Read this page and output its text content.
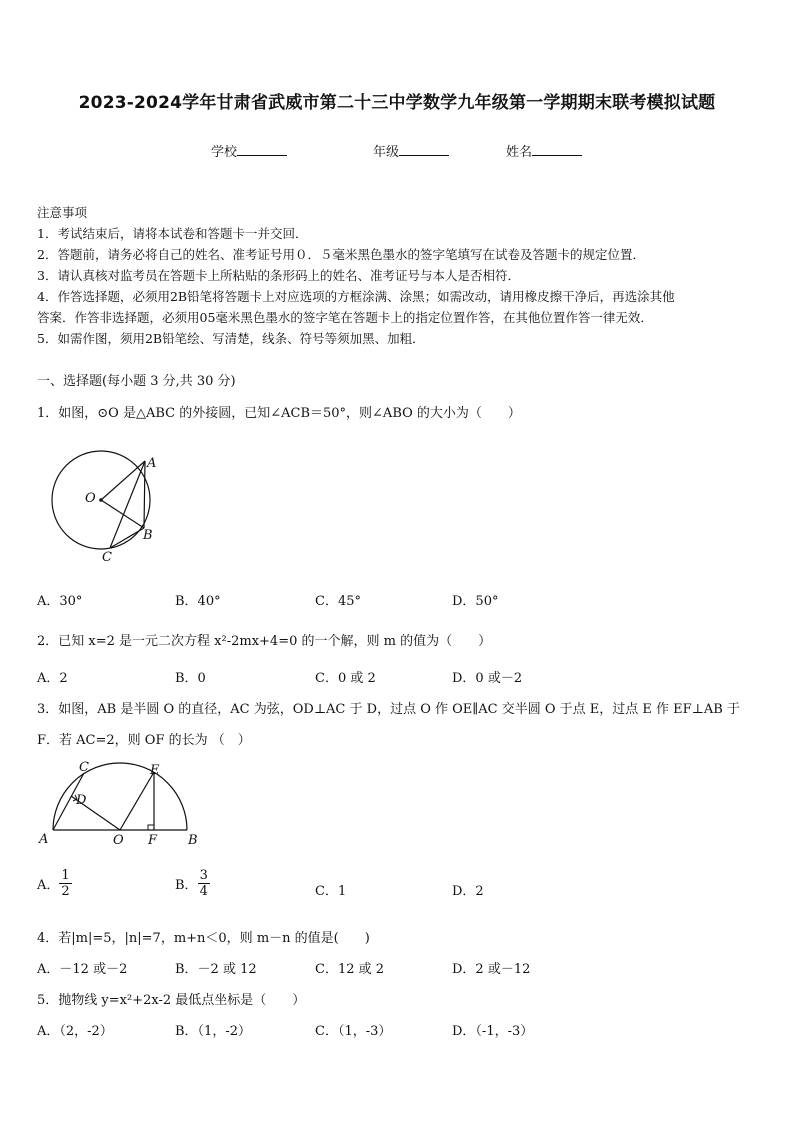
2023-2024学年甘肃省武威市第二十三中学数学九年级第一学期期末联考模拟试题
学校	年级	姓名
注意事项
1．考试结束后，请将本试卷和答题卡一并交回．
2．答题前，请务必将自己的姓名、准考证号用０．５毫米黑色墨水的签字笔填写在试卷及答题卡的规定位置．
3．请认真核对监考员在答题卡上所粘贴的条形码上的姓名、准考证号与本人是否相符．
4．作答选择题，必须用2B铅笔将答题卡上对应选项的方框涂满、涂黑；如需改动，请用橡皮擦干净后，再选涂其他
答案．作答非选择题，必须用05毫米黑色墨水的签字笔在答题卡上的指定位置作答，在其他位置作答一律无效．
5．如需作图，须用2B铅笔绘、写清楚，线条、符号等须加黑、加粗．
一、选择题(每小题 3 分,共 30 分)
1．如图，⊙O 是△ABC 的外接圆，已知∠ACB＝50°，则∠ABO 的大小为（　　）
A
B
C
O
A．30°	B．40°	C．45°	D．50°
2．已知 x=2 是一元二次方程 x²-2mx+4=0 的一个解，则 m 的值为（　　）
A．2	B．0	C．0 或 2	D．0 或－2
3．如图，AB 是半圆 O 的直径，AC 为弦，OD⊥AC 于 D，过点 O 作 OE∥AC 交半圆 O 于点 E，过点 E 作 EF⊥AB 于
F．若 AC=2，则 OF 的长为 （　）
A	B
C
D
E
F
O
A． $\frac{1}{2}$	B． $\frac{3}{4}$	C．1	D．2
4．若|m|=5，|n|=7，m+n＜0，则 m－n 的值是(　　)
A．－12 或－2	B．－2 或 12	C．12 或 2	D．2 或－12
5．抛物线 y=x²+2x-2 最低点坐标是（　　）
A．（2，-2）	B．（1，-2）	C．（1，-3）	D．（-1，-3）
